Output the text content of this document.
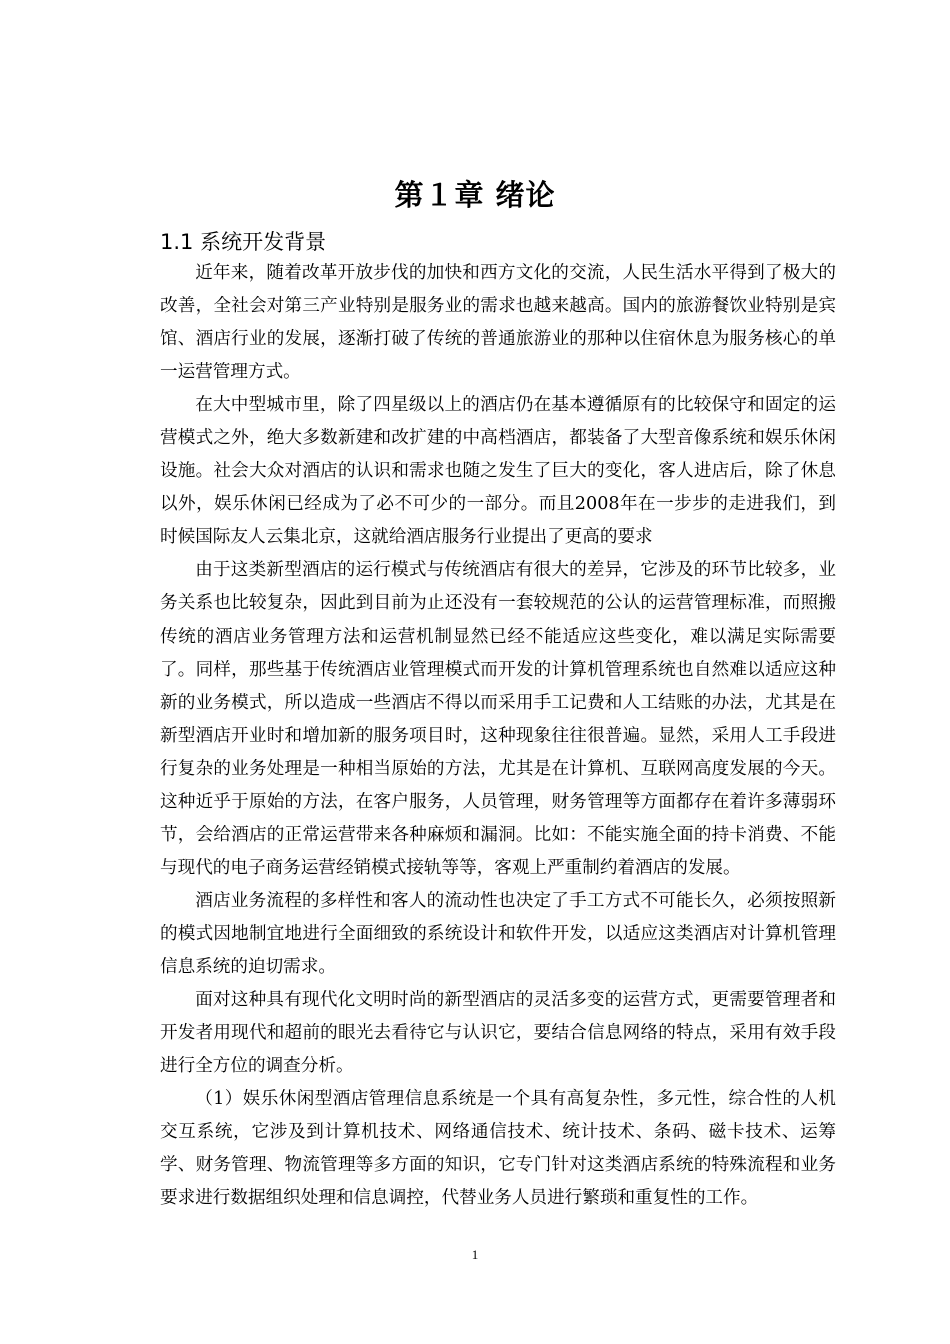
第１章 绪论
1.1 系统开发背景

近年来，随着改革开放步伐的加快和西方文化的交流，人民生活水平得到了极大的改善，全社会对第三产业特别是服务业的需求也越来越高。国内的旅游餐饮业特别是宾馆、酒店行业的发展，逐渐打破了传统的普通旅游业的那种以住宿休息为服务核心的单一运营管理方式。

在大中型城市里，除了四星级以上的酒店仍在基本遵循原有的比较保守和固定的运营模式之外，绝大多数新建和改扩建的中高档酒店，都装备了大型音像系统和娱乐休闲设施。社会大众对酒店的认识和需求也随之发生了巨大的变化，客人进店后，除了休息以外，娱乐休闲已经成为了必不可少的一部分。而且2008年在一步步的走进我们，到时候国际友人云集北京，这就给酒店服务行业提出了更高的要求

由于这类新型酒店的运行模式与传统酒店有很大的差异，它涉及的环节比较多，业务关系也比较复杂，因此到目前为止还没有一套较规范的公认的运营管理标准，而照搬传统的酒店业务管理方法和运营机制显然已经不能适应这些变化，难以满足实际需要了。同样，那些基于传统酒店业管理模式而开发的计算机管理系统也自然难以适应这种新的业务模式，所以造成一些酒店不得以而采用手工记费和人工结账的办法，尤其是在新型酒店开业时和增加新的服务项目时，这种现象往往很普遍。显然，采用人工手段进行复杂的业务处理是一种相当原始的方法，尤其是在计算机、互联网高度发展的今天。这种近乎于原始的方法，在客户服务，人员管理，财务管理等方面都存在着许多薄弱环节，会给酒店的正常运营带来各种麻烦和漏洞。比如：不能实施全面的持卡消费、不能与现代的电子商务运营经销模式接轨等等，客观上严重制约着酒店的发展。

酒店业务流程的多样性和客人的流动性也决定了手工方式不可能长久，必须按照新的模式因地制宜地进行全面细致的系统设计和软件开发，以适应这类酒店对计算机管理信息系统的迫切需求。

面对这种具有现代化文明时尚的新型酒店的灵活多变的运营方式，更需要管理者和开发者用现代和超前的眼光去看待它与认识它，要结合信息网络的特点，采用有效手段进行全方位的调查分析。

（1）娱乐休闲型酒店管理信息系统是一个具有高复杂性，多元性，综合性的人机交互系统，它涉及到计算机技术、网络通信技术、统计技术、条码、磁卡技术、运筹学、财务管理、物流管理等多方面的知识，它专门针对这类酒店系统的特殊流程和业务要求进行数据组织处理和信息调控，代替业务人员进行繁琐和重复性的工作。

1
